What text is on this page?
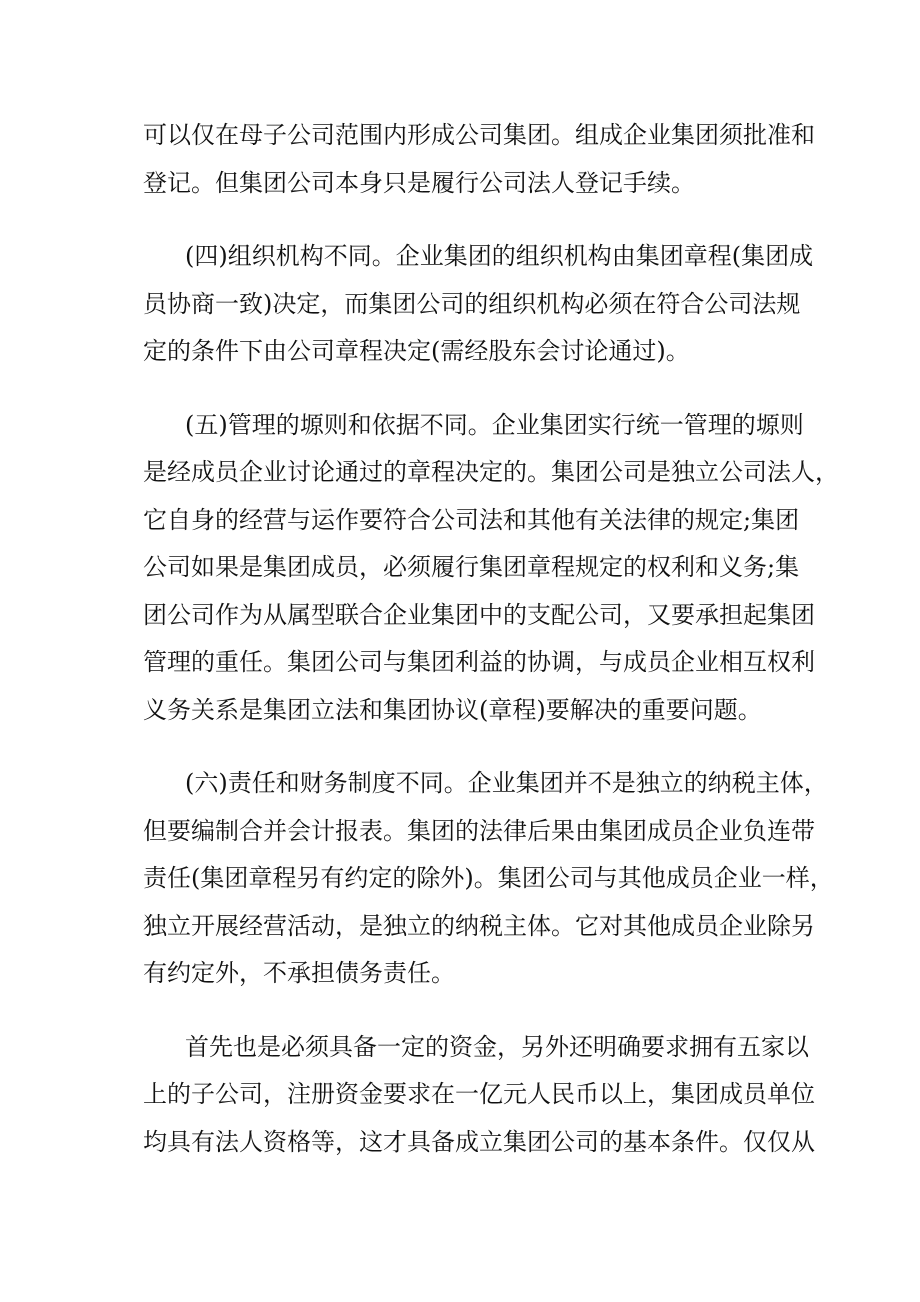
可以仅在母子公司范围内形成公司集团。组成企业集团须批准和
登记。但集团公司本身只是履行公司法人登记手续。

(四)组织机构不同。企业集团的组织机构由集团章程(集团成
员协商一致)决定，而集团公司的组织机构必须在符合公司法规
定的条件下由公司章程决定(需经股东会讨论通过)。

(五)管理的塬则和依据不同。企业集团实行统一管理的塬则
是经成员企业讨论通过的章程决定的。集团公司是独立公司法人，
它自身的经营与运作要符合公司法和其他有关法律的规定;集团
公司如果是集团成员，必须履行集团章程规定的权利和义务;集
团公司作为从属型联合企业集团中的支配公司，又要承担起集团
管理的重任。集团公司与集团利益的协调，与成员企业相互权利
义务关系是集团立法和集团协议(章程)要解决的重要问题。

(六)责任和财务制度不同。企业集团并不是独立的纳税主体，
但要编制合并会计报表。集团的法律后果由集团成员企业负连带
责任(集团章程另有约定的除外)。集团公司与其他成员企业一样，
独立开展经营活动，是独立的纳税主体。它对其他成员企业除另
有约定外，不承担债务责任。

首先也是必须具备一定的资金，另外还明确要求拥有五家以
上的子公司，注册资金要求在一亿元人民币以上，集团成员单位
均具有法人资格等，这才具备成立集团公司的基本条件。仅仅从
